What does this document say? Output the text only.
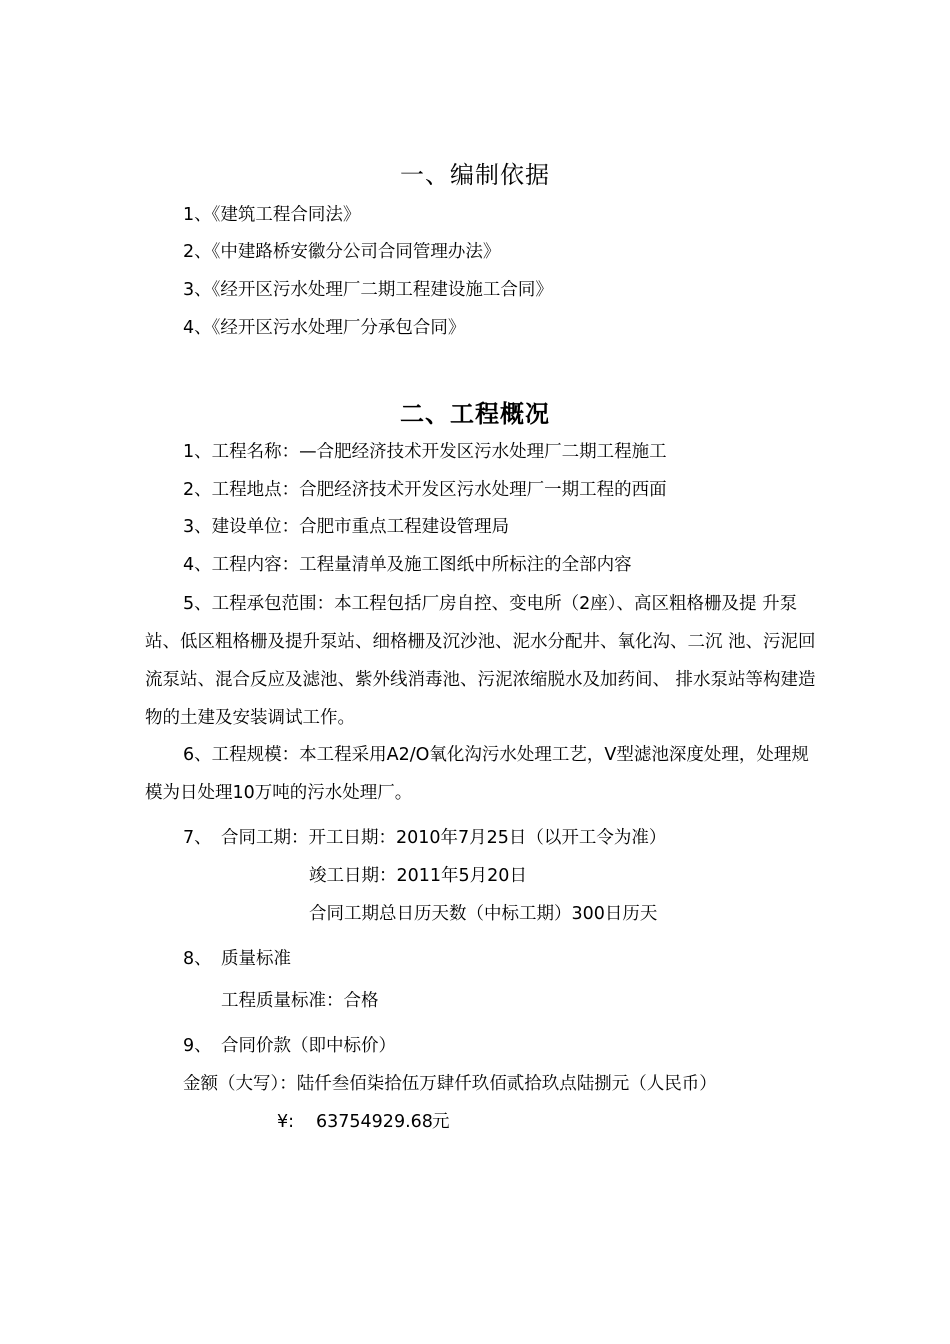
一、编制依据
1、《建筑工程合同法》
2、《中建路桥安徽分公司合同管理办法》
3、《经开区污水处理厂二期工程建设施工合同》
4、《经开区污水处理厂分承包合同》
二、工程概况
1、工程名称：—合肥经济技术开发区污水处理厂二期工程施工
2、工程地点：合肥经济技术开发区污水处理厂一期工程的西面
3、建设单位：合肥市重点工程建设管理局
4、工程内容：工程量清单及施工图纸中所标注的全部内容
5、工程承包范围：本工程包括厂房自控、变电所（2座）、高区粗格栅及提 升泵站、低区粗格栅及提升泵站、细格栅及沉沙池、泥水分配井、氧化沟、二沉 池、污泥回流泵站、混合反应及滤池、紫外线消毒池、污泥浓缩脱水及加药间、 排水泵站等构建造物的土建及安装调试工作。
6、工程规模：本工程采用A2/O氧化沟污水处理工艺，V型滤池深度处理，处理规模为日处理10万吨的污水处理厂。
7、 合同工期：开工日期：2010年7月25日（以开工令为准）
竣工日期：2011年5月20日
合同工期总日历天数（中标工期）300日历天
8、 质量标准
工程质量标准：合格
9、 合同价款（即中标价）
金额（大写）：陆仟叁佰柒拾伍万肆仟玖佰贰拾玖点陆捌元（人民币）
¥: 63754929.68 元
